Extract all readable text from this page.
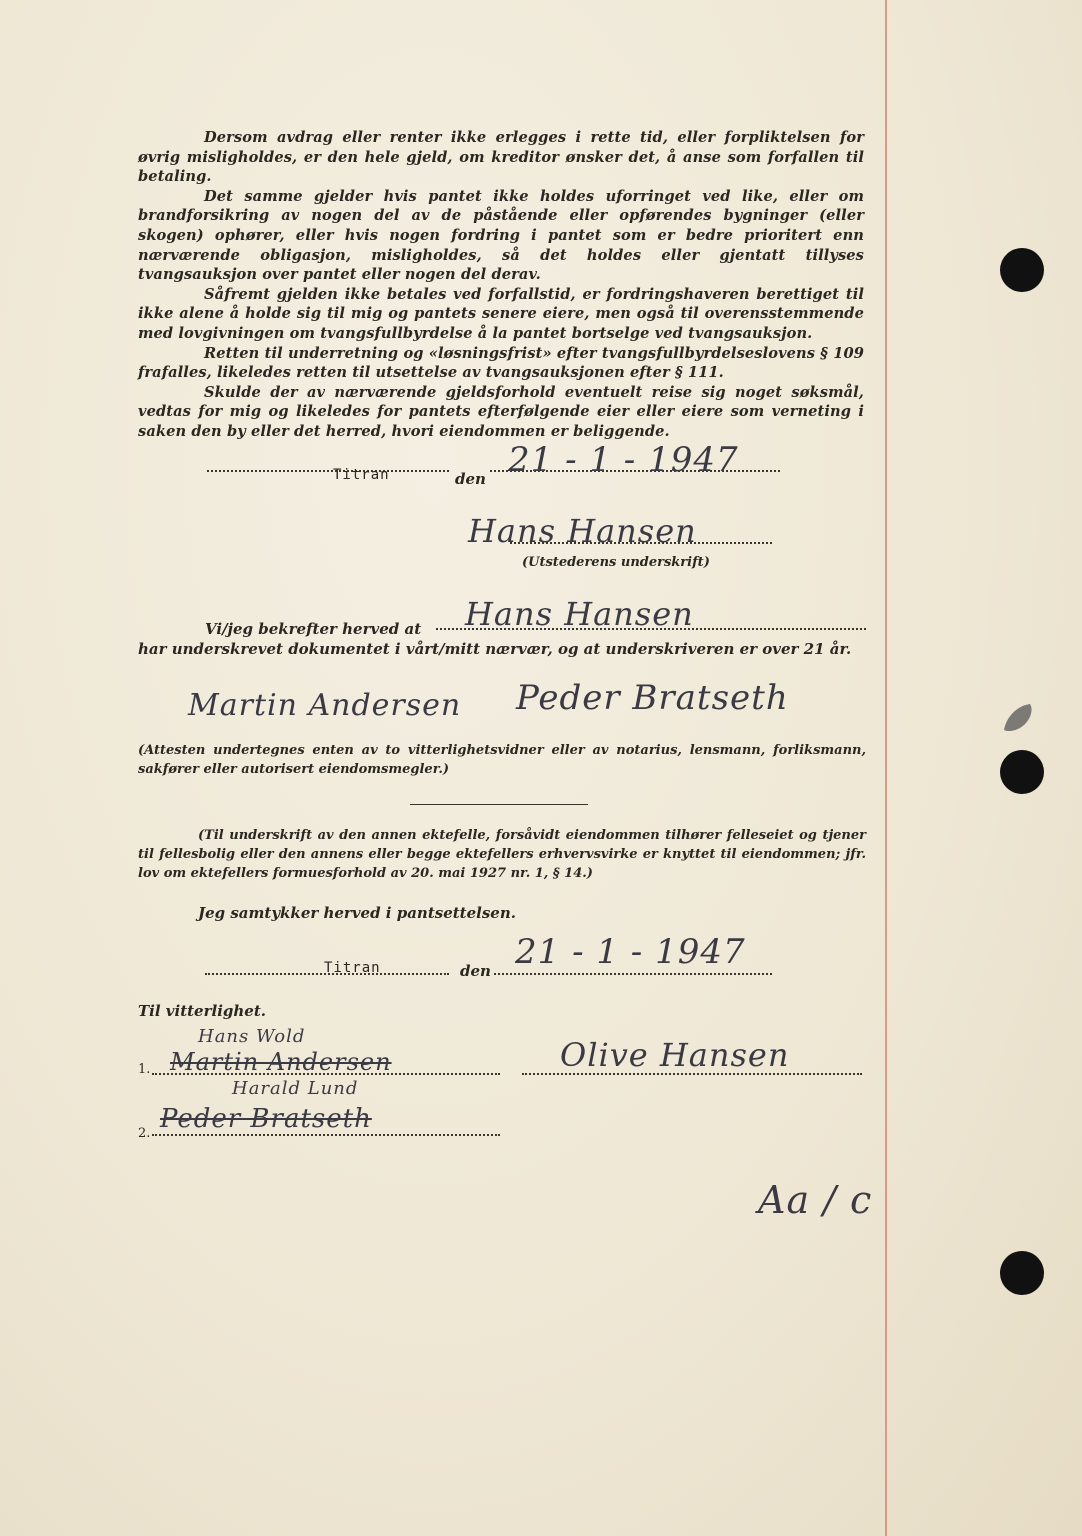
Dersom avdrag eller renter ikke erlegges i rette tid, eller forpliktelsen for øvrig misligholdes, er den hele gjeld, om kreditor ønsker det, å anse som forfallen til betaling.

Det samme gjelder hvis pantet ikke holdes uforringet ved like, eller om brandforsikring av nogen del av de påstående eller opførendes bygninger (eller skogen) ophører, eller hvis nogen fordring i pantet som er bedre prioritert enn nærværende obligasjon, misligholdes, så det holdes eller gjentatt tillyses tvangsauksjon over pantet eller nogen del derav.

Såfremt gjelden ikke betales ved forfallstid, er fordringshaveren berettiget til ikke alene å holde sig til mig og pantets senere eiere, men også til overensstemmende med lovgivningen om tvangsfullbyrdelse å la pantet bortselge ved tvangsauksjon.

Retten til underretning og «løsningsfrist» efter tvangsfullbyrdelseslovens § 109 frafalles, likeledes retten til utsettelse av tvangsauksjonen efter § 111.

Skulde der av nærværende gjeldsforhold eventuelt reise sig noget søksmål, vedtas for mig og likeledes for pantets efterfølgende eier eller eiere som verneting i saken den by eller det herred, hvori eiendommen er beliggende.

Titran	den 21 - 1 - 1947
Hans Hansen
(Utstederens underskrift)
Vi/jeg bekrefter herved at Hans Hansen
har underskrevet dokumentet i vårt/mitt nærvær, og at underskriveren er over 21 år.
Martin Andersen Peder Bratseth
(Attesten undertegnes enten av to vitterlighetsvidner eller av notarius, lensmann, forliksmann, sakfører eller autorisert eiendomsmegler.)
(Til underskrift av den annen ektefelle, forsåvidt eiendommen tilhører felleseiet og tjener til fellesbolig eller den annens eller begge ektefellers erhvervsvirke er knyttet til eiendommen; jfr. lov om ektefellers formuesforhold av 20. mai 1927 nr. 1, § 14.)
Jeg samtykker herved i pantsettelsen.
Titran	den 21 - 1 - 1947
Til vitterlighet.
1.
Hans Wold
Martin Andersen	Olive Hansen
2.
Harald Lund
Peder Bratseth
Aa / c
